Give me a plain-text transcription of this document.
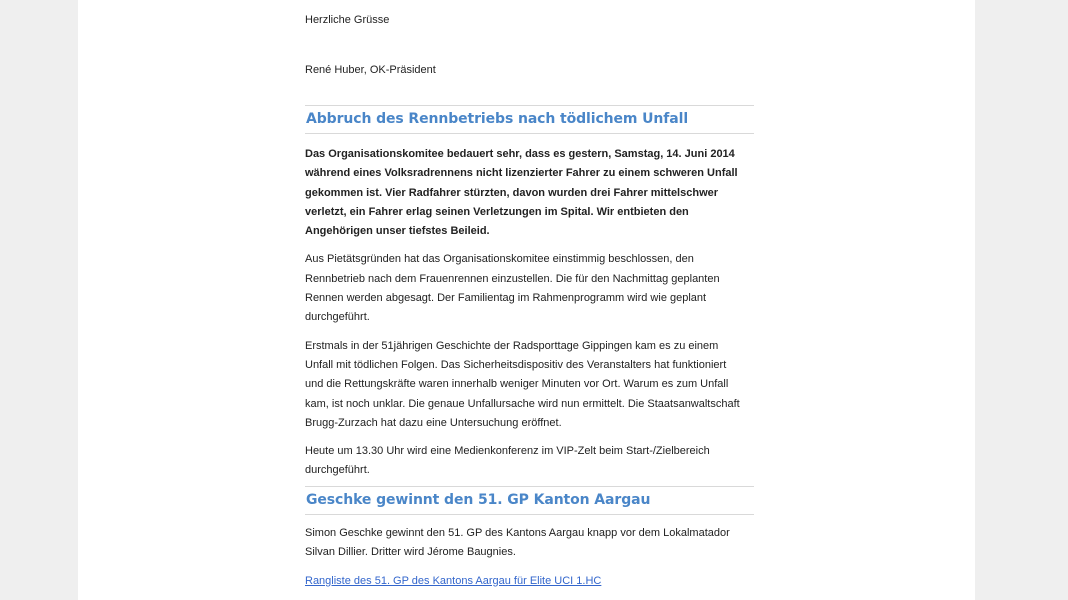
Herzliche Grüsse

René Huber, OK-Präsident

Abbruch des Rennbetriebs nach tödlichem Unfall

Das Organisationskomitee bedauert sehr, dass es gestern, Samstag, 14. Juni 2014 während eines Volksradrennens nicht lizenzierter Fahrer zu einem schweren Unfall gekommen ist. Vier Radfahrer stürzten, davon wurden drei Fahrer mittelschwer verletzt, ein Fahrer erlag seinen Verletzungen im Spital. Wir entbieten den Angehörigen unser tiefstes Beileid.

Aus Pietätsgründen hat das Organisationskomitee einstimmig beschlossen, den Rennbetrieb nach dem Frauenrennen einzustellen. Die für den Nachmittag geplanten Rennen werden abgesagt. Der Familientag im Rahmenprogramm wird wie geplant durchgeführt.

Erstmals in der 51jährigen Geschichte der Radsporttage Gippingen kam es zu einem Unfall mit tödlichen Folgen. Das Sicherheitsdispositiv des Veranstalters hat funktioniert und die Rettungskräfte waren innerhalb weniger Minuten vor Ort. Warum es zum Unfall kam, ist noch unklar. Die genaue Unfallursache wird nun ermittelt. Die Staatsanwaltschaft Brugg-Zurzach hat dazu eine Untersuchung eröffnet.

Heute um 13.30 Uhr wird eine Medienkonferenz im VIP-Zelt beim Start-/Zielbereich durchgeführt.

Geschke gewinnt den 51. GP Kanton Aargau

Simon Geschke gewinnt den 51. GP des Kantons Aargau knapp vor dem Lokalmatador Silvan Dillier. Dritter wird Jérome Baugnies.

Rangliste des 51. GP des Kantons Aargau für Elite UCI 1.HC
